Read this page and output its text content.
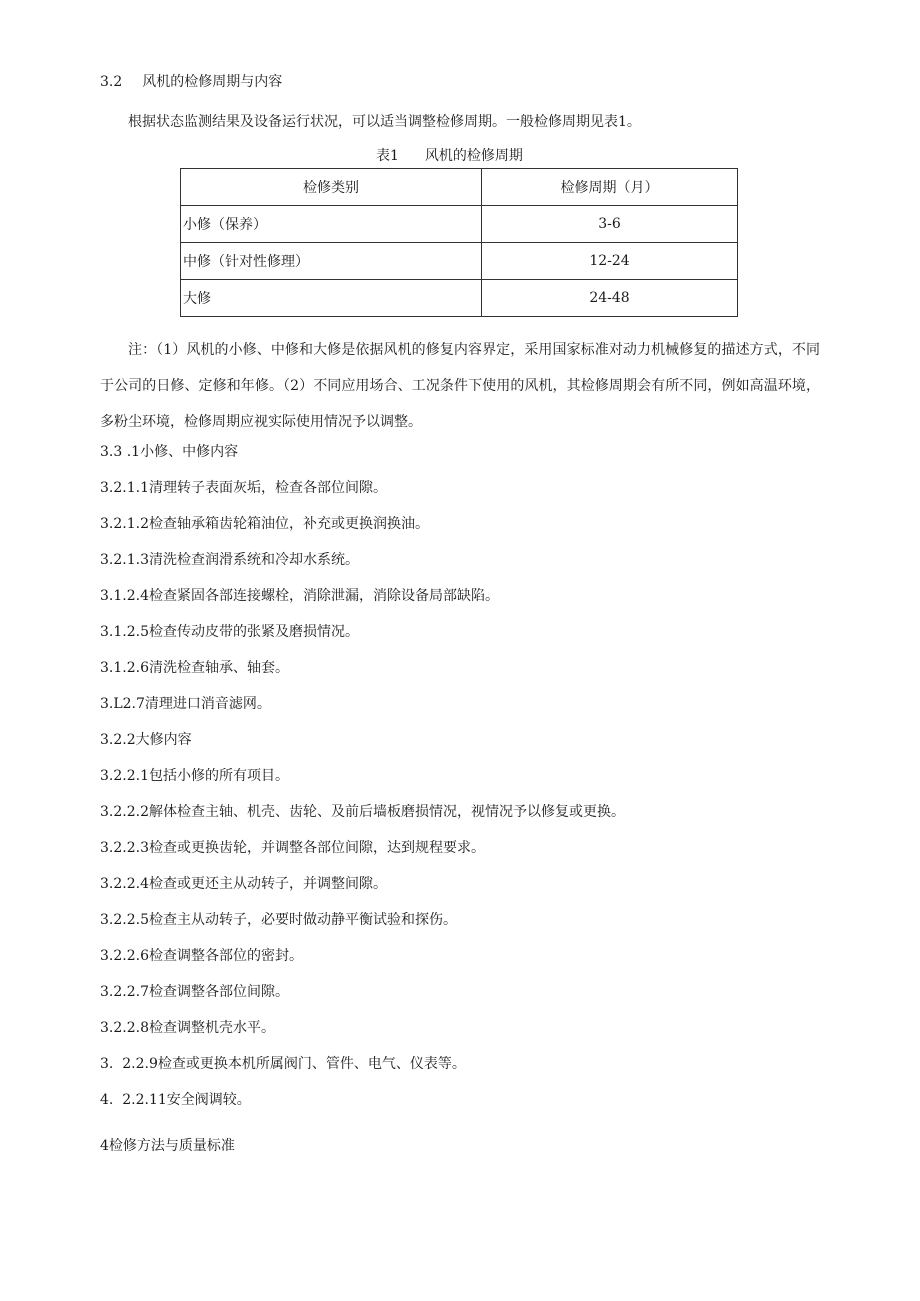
3.2 风机的检修周期与内容
根据状态监测结果及设备运行状况，可以适当调整检修周期。一般检修周期见表1。
表1 风机的检修周期
检修类别	检修周期（月）
小修（保养）	3-6
中修（针对性修理）	12-24
大修	24-48
注：（1）风机的小修、中修和大修是依据风机的修复内容界定，采用国家标准对动力机械修复的描述方式，不同于公司的日修、定修和年修。（2）不同应用场合、工况条件下使用的风机，其检修周期会有所不同，例如高温环境，多粉尘环境，检修周期应视实际使用情况予以调整。
3.3 .1小修、中修内容
3.2.1.1清理转子表面灰垢，检查各部位间隙。
3.2.1.2检查轴承箱齿轮箱油位，补充或更换润换油。
3.2.1.3清洗检查润滑系统和冷却水系统。
3.1.2.4检查紧固各部连接螺栓，消除泄漏，消除设备局部缺陷。
3.1.2.5检查传动皮带的张紧及磨损情况。
3.1.2.6清洗检查轴承、轴套。
3.L2.7清理进口消音滤网。
3.2.2大修内容
3.2.2.1包括小修的所有项目。
3.2.2.2解体检查主轴、机壳、齿轮、及前后墙板磨损情况，视情况予以修复或更换。
3.2.2.3检查或更换齿轮，并调整各部位间隙，达到规程要求。
3.2.2.4检查或更还主从动转子，并调整间隙。
3.2.2.5检查主从动转子，必要时做动静平衡试验和探伤。
3.2.2.6检查调整各部位的密封。
3.2.2.7检查调整各部位间隙。
3.2.2.8检查调整机壳水平。
3.  2.2.9检查或更换本机所属阀门、管件、电气、仪表等。
4.  2.2.11安全阀调较。
4检修方法与质量标准
